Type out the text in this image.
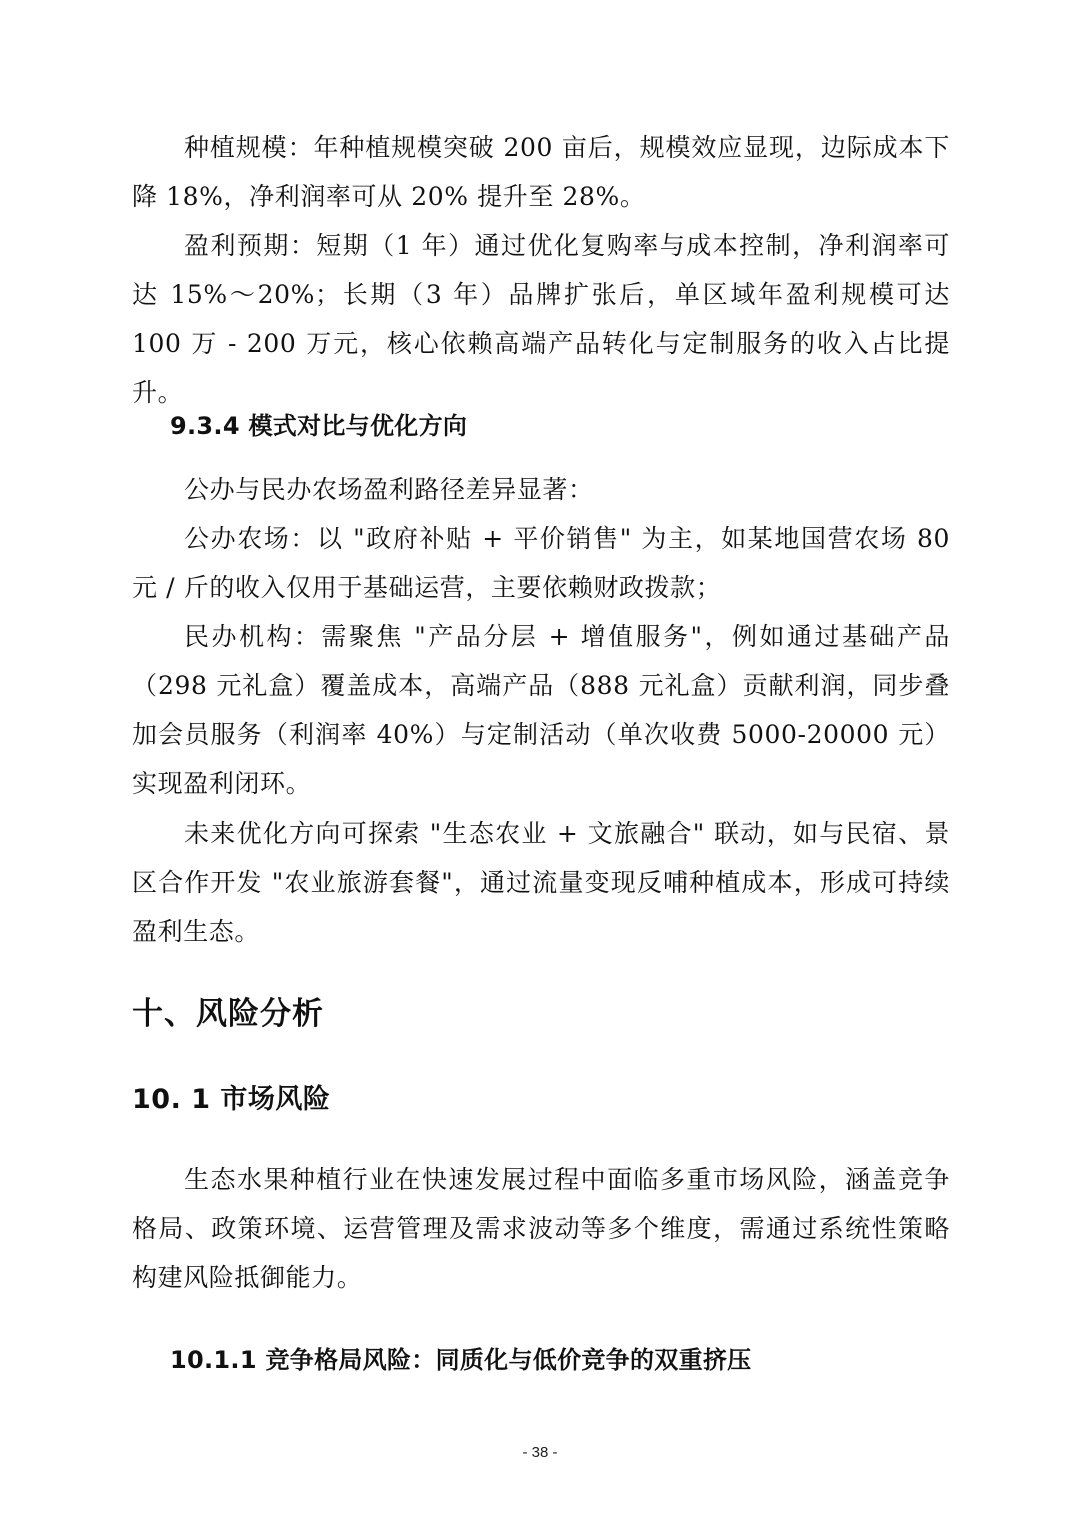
种植规模：年种植规模突破 200 亩后，规模效应显现，边际成本下降 18%，净利润率可从 20% 提升至 28%。

盈利预期：短期（1 年）通过优化复购率与成本控制，净利润率可达 15%～20%；长期（3 年）品牌扩张后，单区域年盈利规模可达 100 万 - 200 万元，核心依赖高端产品转化与定制服务的收入占比提升。

9.3.4 模式对比与优化方向

公办与民办农场盈利路径差异显著：

公办农场：以 "政府补贴 + 平价销售" 为主，如某地国营农场 80 元 / 斤的收入仅用于基础运营，主要依赖财政拨款；

民办机构：需聚焦 "产品分层 + 增值服务"，例如通过基础产品（298 元礼盒）覆盖成本，高端产品（888 元礼盒）贡献利润，同步叠加会员服务（利润率 40%）与定制活动（单次收费 5000-20000 元）实现盈利闭环。

未来优化方向可探索 "生态农业 + 文旅融合" 联动，如与民宿、景区合作开发 "农业旅游套餐"，通过流量变现反哺种植成本，形成可持续盈利生态。

十、风险分析
10. 1 市场风险

生态水果种植行业在快速发展过程中面临多重市场风险，涵盖竞争格局、政策环境、运营管理及需求波动等多个维度，需通过系统性策略构建风险抵御能力。

10.1.1 竞争格局风险：同质化与低价竞争的双重挤压
- 38 -
